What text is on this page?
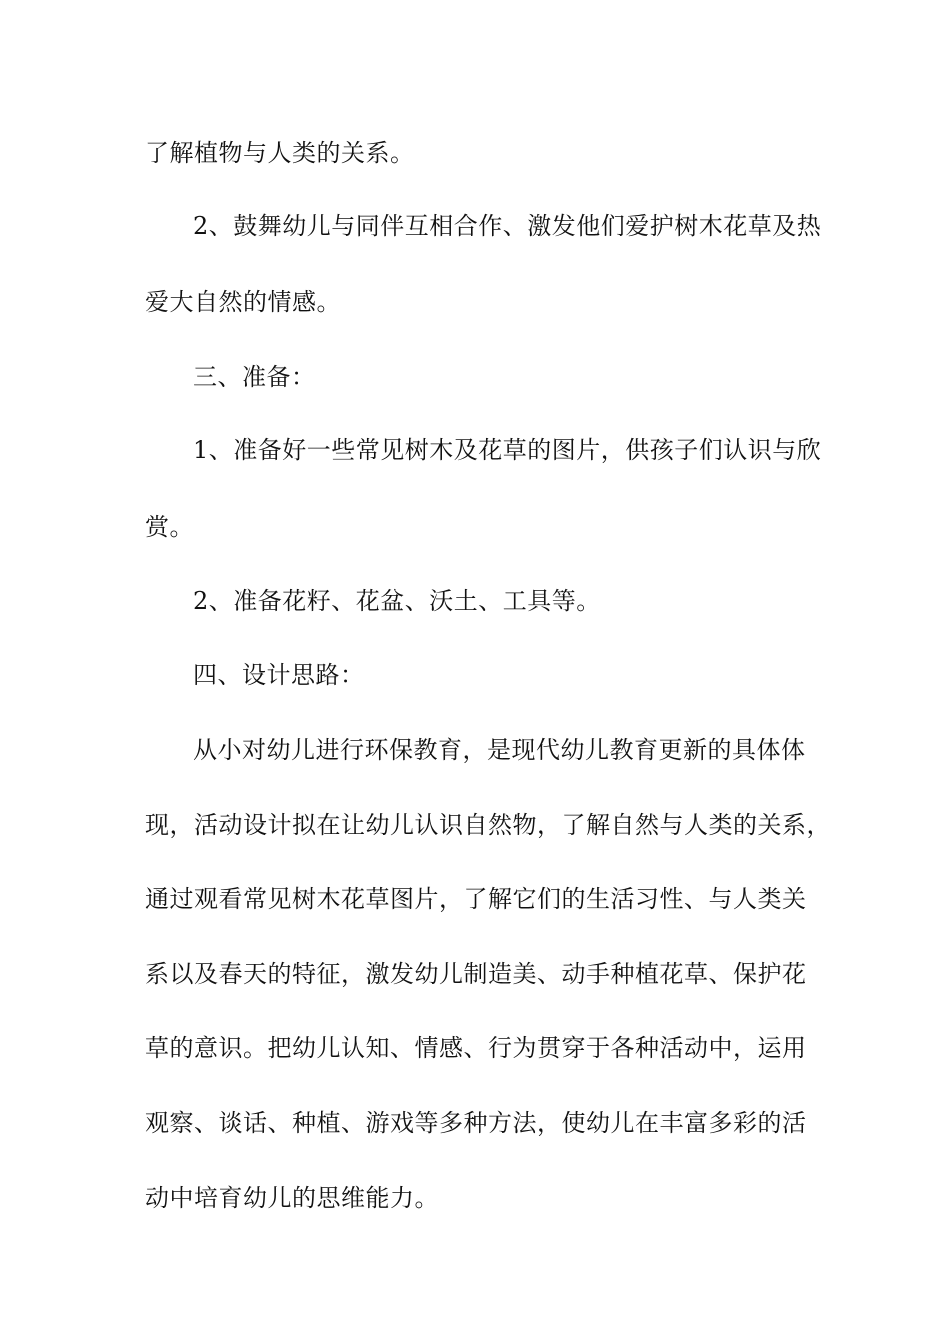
了解植物与人类的关系。
2、鼓舞幼儿与同伴互相合作、激发他们爱护树木花草及热
爱大自然的情感。
三、准备：
1、准备好一些常见树木及花草的图片，供孩子们认识与欣
赏。
2、准备花籽、花盆、沃土、工具等。
四、设计思路：
从小对幼儿进行环保教育，是现代幼儿教育更新的具体体
现，活动设计拟在让幼儿认识自然物，了解自然与人类的关系，
通过观看常见树木花草图片，了解它们的生活习性、与人类关
系以及春天的特征，激发幼儿制造美、动手种植花草、保护花
草的意识。把幼儿认知、情感、行为贯穿于各种活动中，运用
观察、谈话、种植、游戏等多种方法，使幼儿在丰富多彩的活
动中培育幼儿的思维能力。
